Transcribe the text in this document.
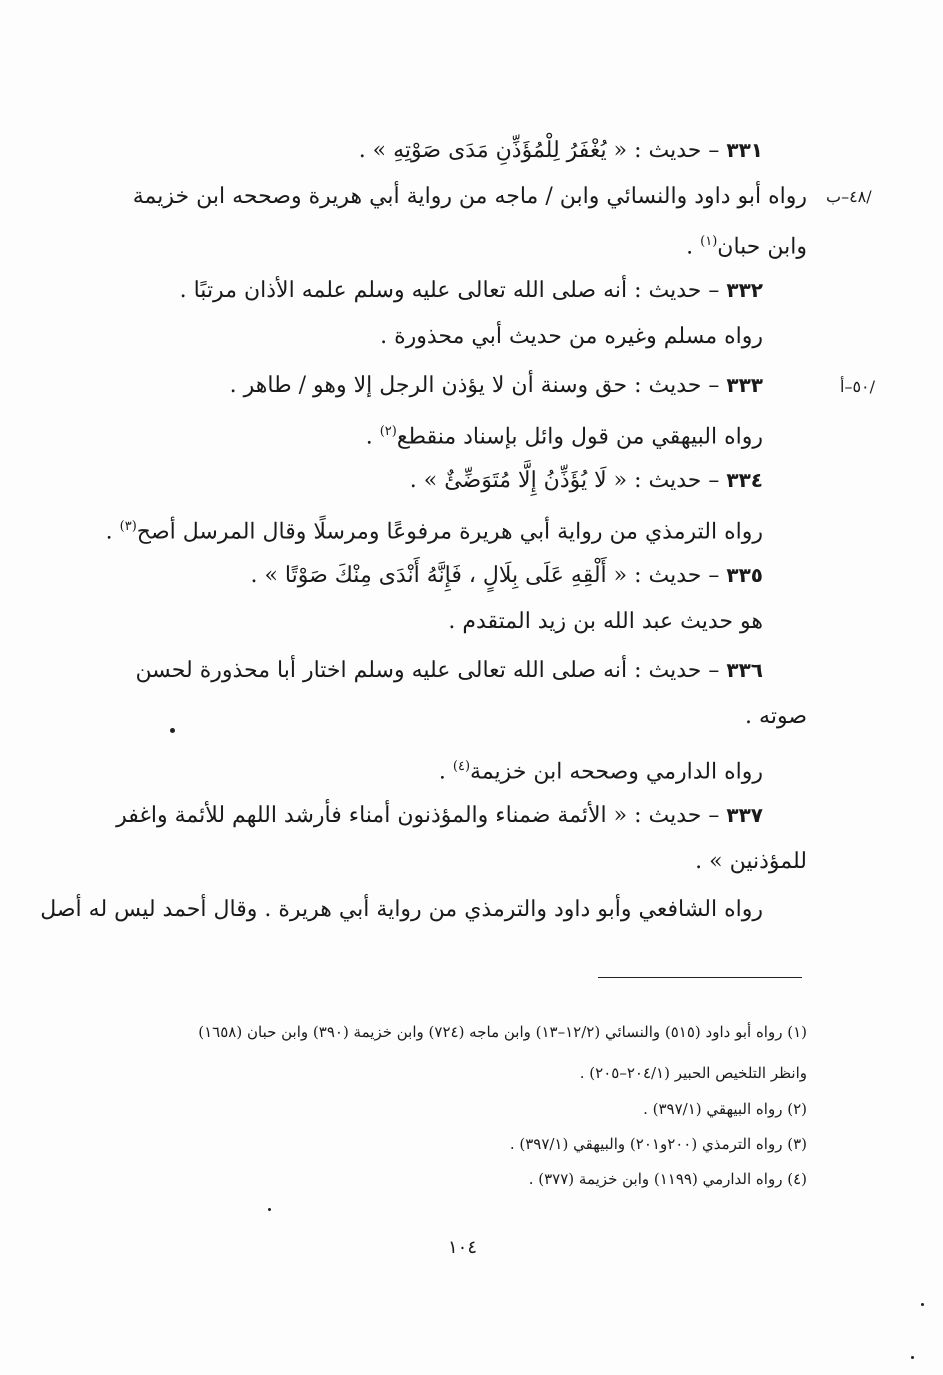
٣٣١ – حديث : « يُغْفَرُ لِلْمُؤَذِّنِ مَدَى صَوْتِهِ » .
/٤٨–ب
رواه أبو داود والنسائي وابن / ماجه من رواية أبي هريرة وصححه ابن خزيمة
وابن حبان$^{(١)}$ .
٣٣٢ – حديث : أنه صلى الله تعالى عليه وسلم علمه الأذان مرتبًا .
رواه مسلم وغيره من حديث أبي محذورة .
/٥٠–أ
٣٣٣ – حديث : حق وسنة أن لا يؤذن الرجل إلا وهو / طاهر .
رواه البيهقي من قول وائل بإسناد منقطع$^{(٢)}$ .
٣٣٤ – حديث : « لَا يُؤَذِّنُ إِلَّا مُتَوَضِّئٌ » .
رواه الترمذي من رواية أبي هريرة مرفوعًا ومرسلًا وقال المرسل أصح$^{(٣)}$ .
٣٣٥ – حديث : « أَلْقِهِ عَلَى بِلَالٍ ، فَإِنَّهُ أَنْدَى مِنْكَ صَوْتًا » .
هو حديث عبد الله بن زيد المتقدم .
٣٣٦ – حديث : أنه صلى الله تعالى عليه وسلم اختار أبا محذورة لحسن
صوته .
رواه الدارمي وصححه ابن خزيمة$^{(٤)}$ .
٣٣٧ – حديث : « الأئمة ضمناء والمؤذنون أمناء فأرشد اللهم للأئمة واغفر
للمؤذنين » .
رواه الشافعي وأبو داود والترمذي من رواية أبي هريرة . وقال أحمد ليس له أصل
(١) رواه أبو داود (٥١٥) والنسائي (١٢/٢–١٣) وابن ماجه (٧٢٤) وابن خزيمة (٣٩٠) وابن حبان (١٦٥٨)
وانظر التلخيص الحبير (٢٠٤/١–٢٠٥) .
(٢) رواه البيهقي (٣٩٧/١) .
(٣) رواه الترمذي (٢٠٠و٢٠١) والبيهقي (٣٩٧/١) .
(٤) رواه الدارمي (١١٩٩) وابن خزيمة (٣٧٧) .
١٠٤
